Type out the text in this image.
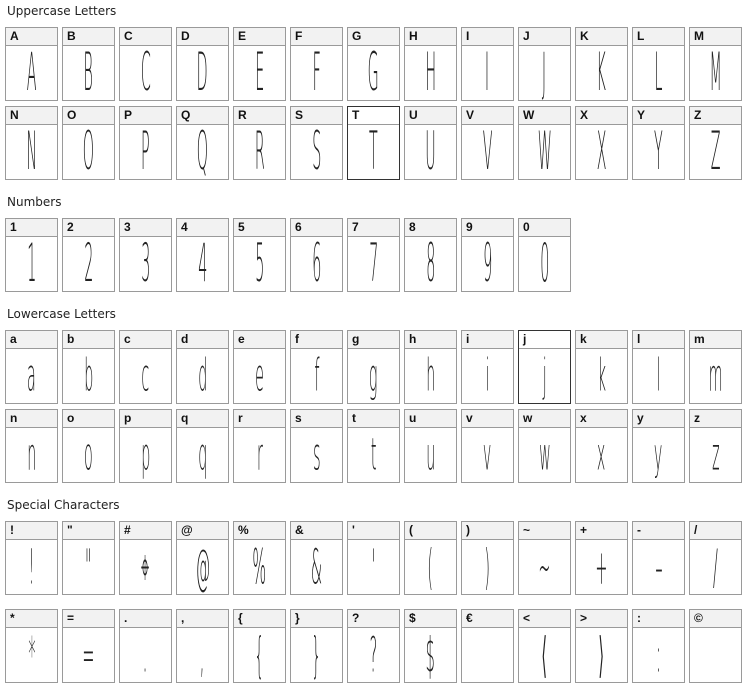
Uppercase Letters
A
A
B
B
C
C
D
D
E
E
F
F
G
G
H
H
I
I
J
J
K
K
L
L
M
M
N
N
O
O
P
P
Q
Q
R
R
S
S
T
T
U
U
V
V
W
W
X
X
Y
Y
Z
Z
Numbers
1
1
2
2
3
3
4
4
5
5
6
6
7
7
8
8
9
9
0
0
Lowercase Letters
a
a
b
b
c
c
d
d
e
e
f
f
g
g
h
h
i
i
j
j
k
k
l
l
m
m
n
n
o
o
p
p
q
q
r
r
s
s
t
t
u
u
v
v
w
w
x
x
y
y
z
z
Special Characters
!
!
"
"
#
⌖
@
@
%
%
&
&
'
'
(
(
)
)
~
~
+
+
-
–
/
/
*
*
=
=
.
.
,
,
{
{
}
}
?
?
$
$
€	<
⟨
>
⟩
:
:
©
